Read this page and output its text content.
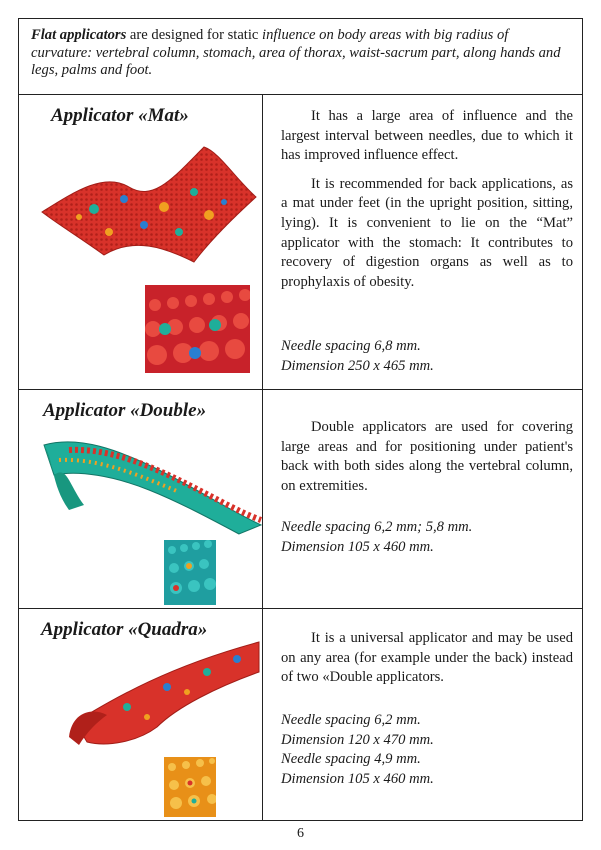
Flat applicators are designed for static influence on body areas with big radius of curvature: vertebral column, stomach, area of thorax, waist-sacrum part, along hands and legs, palms and foot.
Applicator «Mat»	It has a large area of influence and the largest interval between needles, due to which it has improved influence effect.

It is recommended for back applications, as a mat under feet (in the upright position, sitting, lying). It is convenient to lie on the “Mat” applicator with the stomach: It contributes to recovery of digestion organs as well as to prophylaxis of obesity.

Needle spacing 6,8 mm.
Dimension 250 x 465 mm.
Applicator «Double»

Double applicators are used for covering large areas and for positioning under patient's back with both sides along the vertebral column, on extremities.

Needle spacing 6,2 mm; 5,8 mm.
Dimension 105 x 460 mm.
Applicator «Quadra»	It is a universal applicator and may be used on any area (for example under the back) instead of two «Double applicators.

Needle spacing 6,2 mm.
Dimension 120 x 470 mm.
Needle spacing 4,9 mm.
Dimension 105 x 460 mm.
6
